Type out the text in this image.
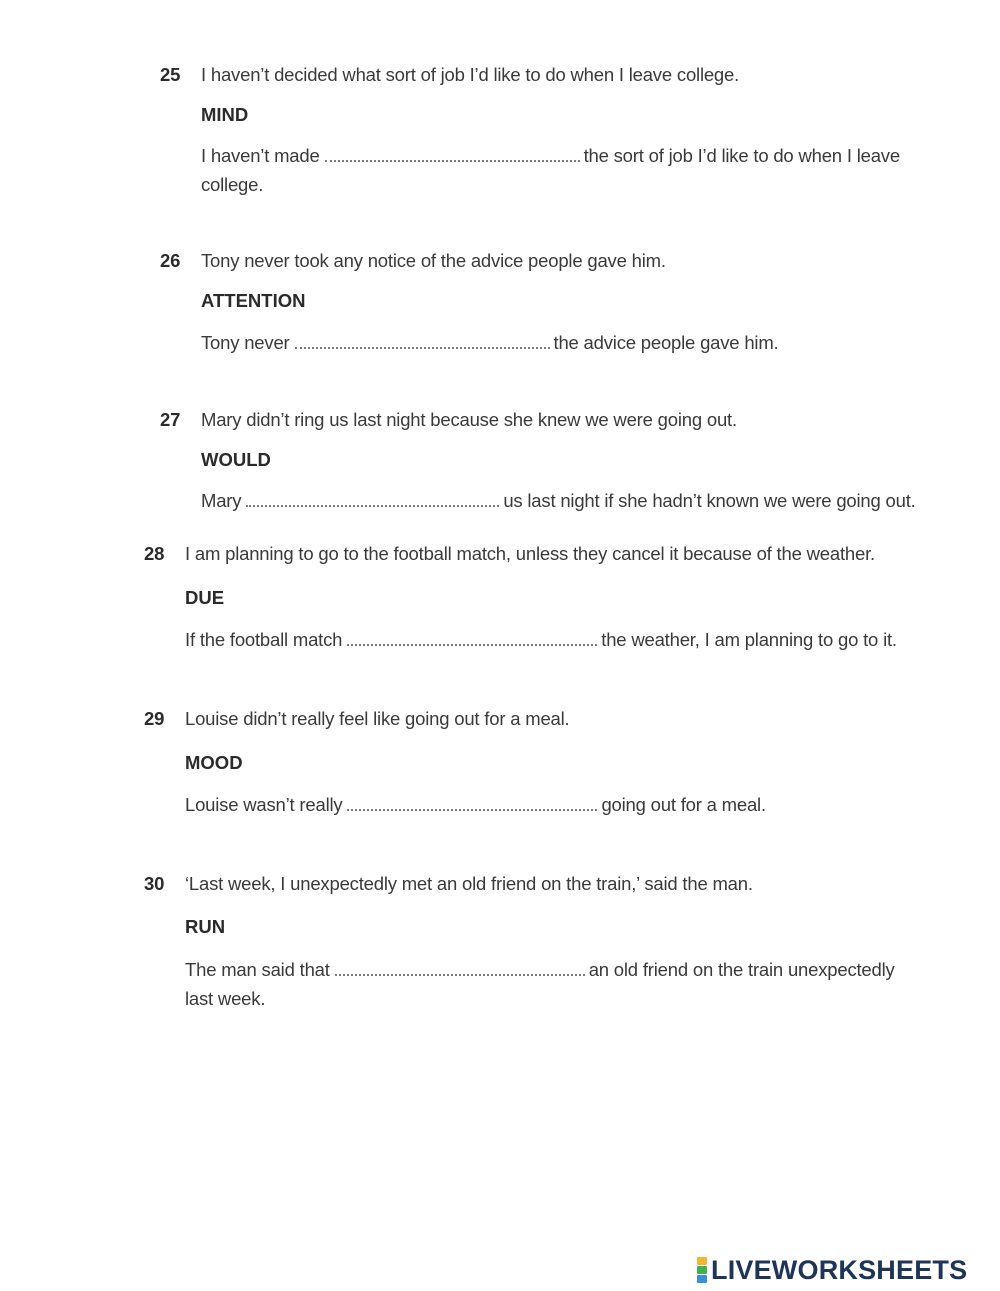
25	I haven’t decided what sort of job I’d like to do when I leave college.
MIND
I haven’t made	the sort of job I’d like to do when I leave
college.
26	Tony never took any notice of the advice people gave him.
ATTENTION
Tony never	the advice people gave him.
27	Mary didn’t ring us last night because she knew we were going out.
WOULD
Mary	us last night if she hadn’t known we were going out.
28	I am planning to go to the football match, unless they cancel it because of the weather.
DUE
If the football match	the weather, I am planning to go to it.
29	Louise didn’t really feel like going out for a meal.
MOOD
Louise wasn’t really	going out for a meal.
30	‘Last week, I unexpectedly met an old friend on the train,’ said the man.
RUN
The man said that	an old friend on the train unexpectedly
last week.
LIVEWORKSHEETS
